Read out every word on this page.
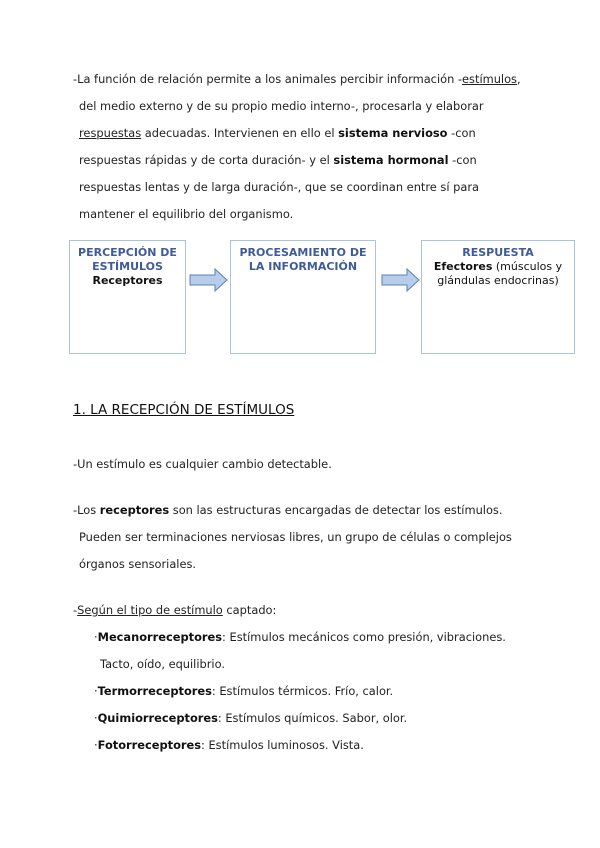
-La función de relación permite a los animales percibir información -estímulos,
del medio externo y de su propio medio interno-, procesarla y elaborar
respuestas adecuadas. Intervienen en ello el sistema nervioso -con
respuestas rápidas y de corta duración- y el sistema hormonal -con
respuestas lentas y de larga duración-, que se coordinan entre sí para
mantener el equilibrio del organismo.
PERCEPCIÓN DE ESTÍMULOS
Receptores
PROCESAMIENTO DE LA INFORMACIÓN
RESPUESTA
Efectores (músculos y glándulas endocrinas)
1. LA RECEPCIÓN DE ESTÍMULOS
-Un estímulo es cualquier cambio detectable.
-Los receptores son las estructuras encargadas de detectar los estímulos.
Pueden ser terminaciones nerviosas libres, un grupo de células o complejos
órganos sensoriales.
-Según el tipo de estímulo captado:
·Mecanorreceptores: Estímulos mecánicos como presión, vibraciones.
Tacto, oído, equilibrio.
·Termorreceptores: Estímulos térmicos. Frío, calor.
·Quimiorreceptores: Estímulos químicos. Sabor, olor.
·Fotorreceptores: Estímulos luminosos. Vista.
